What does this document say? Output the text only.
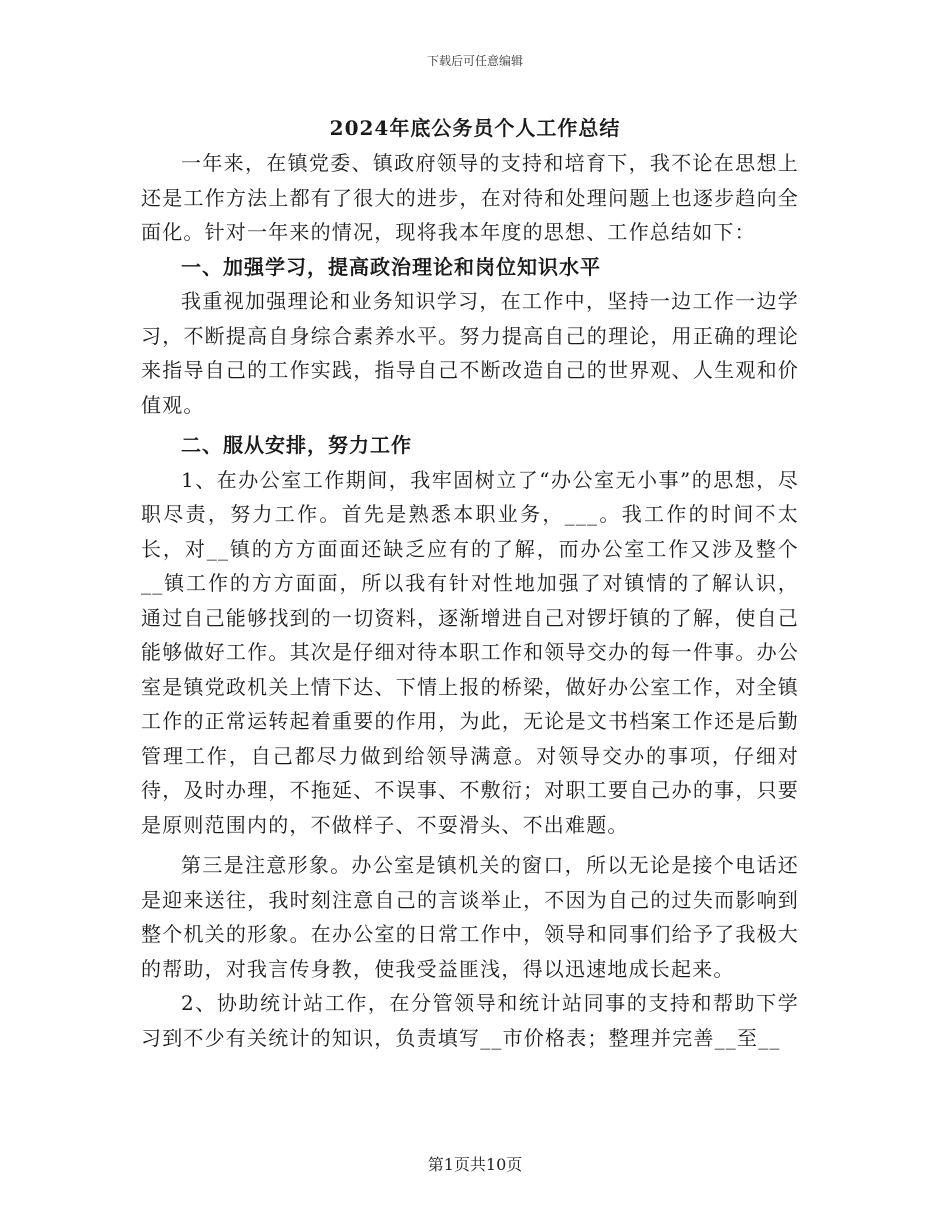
下载后可任意编辑
2024年底公务员个人工作总结

一年来，在镇党委、镇政府领导的支持和培育下，我不论在思想上还是工作方法上都有了很大的进步，在对待和处理问题上也逐步趋向全面化。针对一年来的情况，现将我本年度的思想、工作总结如下：

一、加强学习，提高政治理论和岗位知识水平

我重视加强理论和业务知识学习，在工作中，坚持一边工作一边学习，不断提高自身综合素养水平。努力提高自己的理论，用正确的理论来指导自己的工作实践，指导自己不断改造自己的世界观、人生观和价值观。

二、服从安排，努力工作

1、在办公室工作期间，我牢固树立了“办公室无小事”的思想，尽职尽责，努力工作。首先是熟悉本职业务，___。我工作的时间不太长，对__镇的方方面面还缺乏应有的了解，而办公室工作又涉及整个__镇工作的方方面面，所以我有针对性地加强了对镇情的了解认识，通过自己能够找到的一切资料，逐渐增进自己对锣圩镇的了解，使自己能够做好工作。其次是仔细对待本职工作和领导交办的每一件事。办公室是镇党政机关上情下达、下情上报的桥梁，做好办公室工作，对全镇工作的正常运转起着重要的作用，为此，无论是文书档案工作还是后勤管理工作，自己都尽力做到给领导满意。对领导交办的事项，仔细对待，及时办理，不拖延、不误事、不敷衍；对职工要自己办的事，只要是原则范围内的，不做样子、不耍滑头、不出难题。

第三是注意形象。办公室是镇机关的窗口，所以无论是接个电话还是迎来送往，我时刻注意自己的言谈举止，不因为自己的过失而影响到整个机关的形象。在办公室的日常工作中，领导和同事们给予了我极大的帮助，对我言传身教，使我受益匪浅，得以迅速地成长起来。

2、协助统计站工作，在分管领导和统计站同事的支持和帮助下学习到不少有关统计的知识，负责填写__市价格表；整理并完善__至__

第1页共10页
